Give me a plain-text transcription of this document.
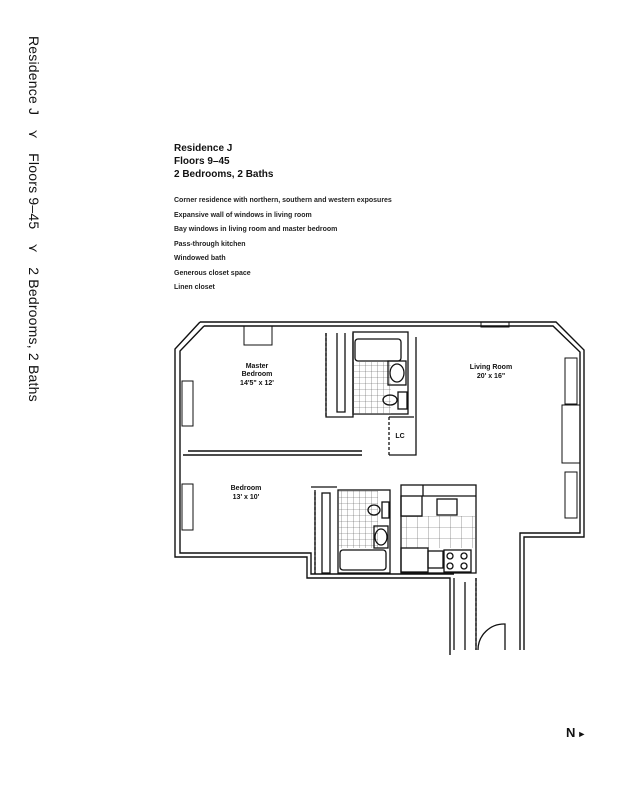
Residence J ⋎ Floors 9–45 ⋎ 2 Bedrooms, 2 Baths
Residence J
Floors 9–45
2 Bedrooms, 2 Baths
Corner residence with northern, southern and western exposures
Expansive wall of windows in living room
Bay windows in living room and master bedroom
Pass-through kitchen
Windowed bath
Generous closet space
Linen closet
Master
Bedroom
14'5" x 12'
Living Room
20' x 16"
Bedroom
13' x 10'
LC
N ►
